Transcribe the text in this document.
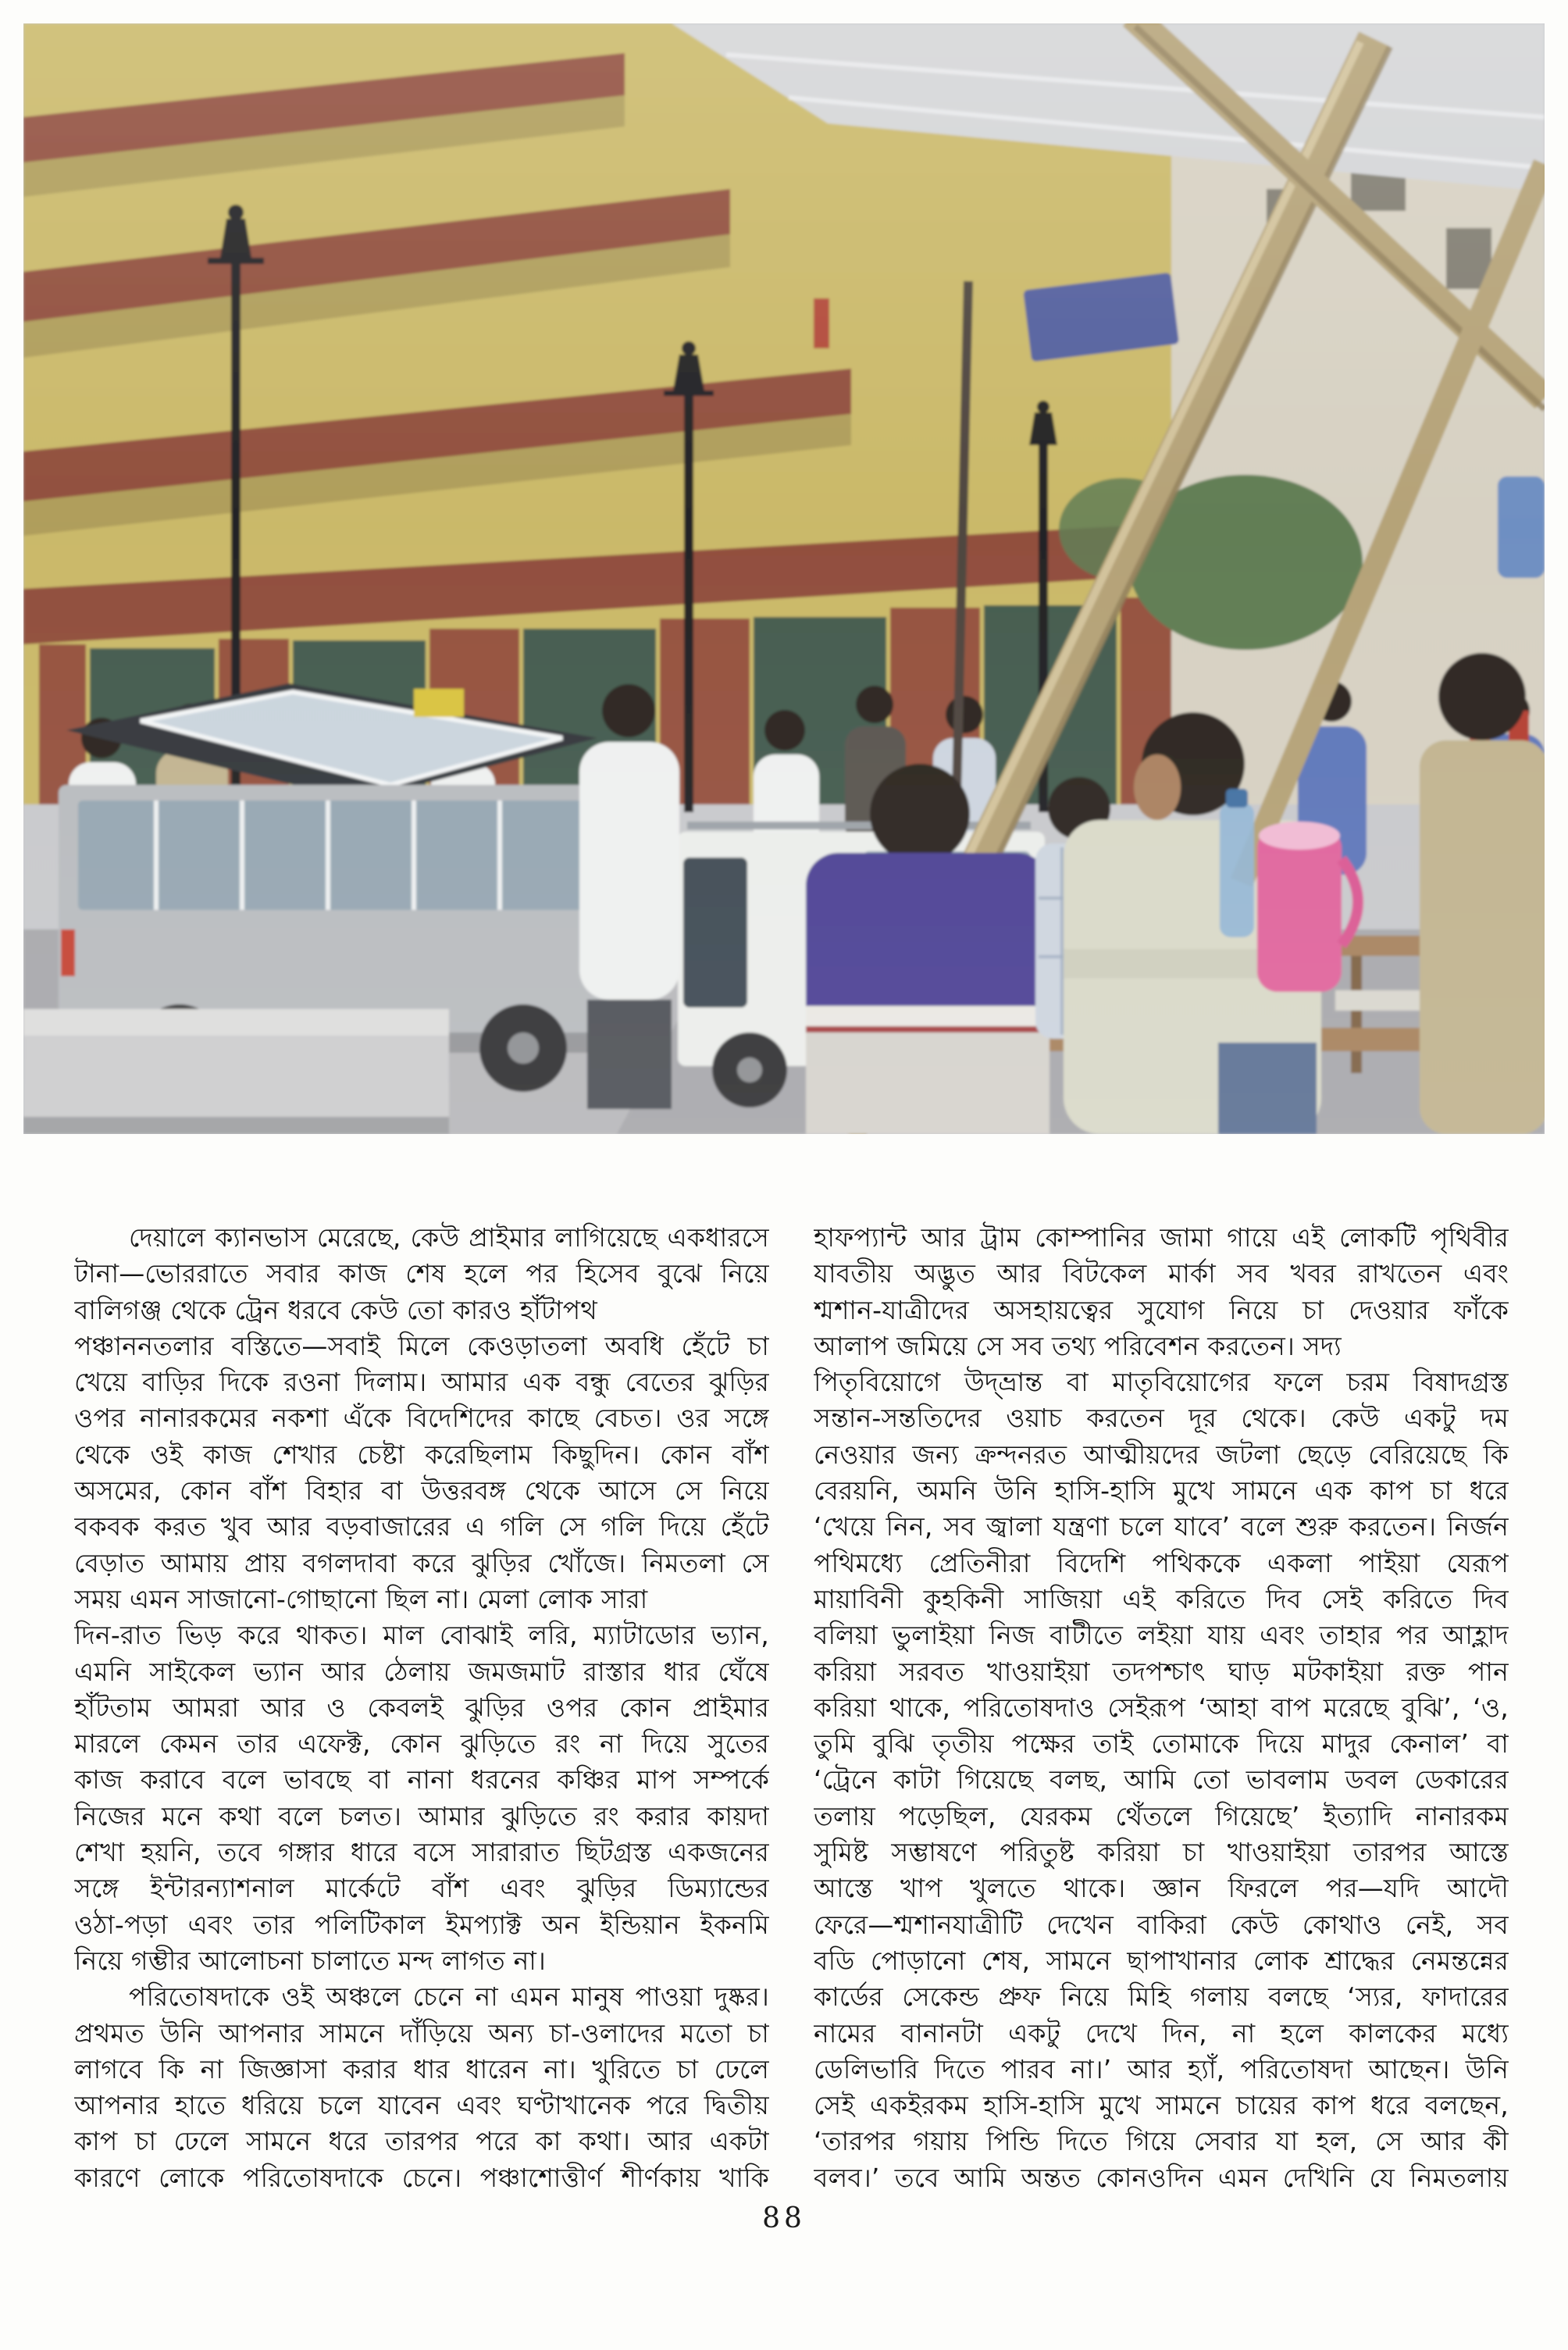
দেয়ালে ক্যানভাস মেরেছে, কেউ প্রাইমার লাগিয়েছে একধারসে
টানা—ভোররাতে সবার কাজ শেষ হলে পর হিসেব বুঝে নিয়ে
বালিগঞ্জ থেকে ট্রেন ধরবে কেউ তো কারও হাঁটাপথ
পঞ্চাননতলার বস্তিতে—সবাই মিলে কেওড়াতলা অবধি হেঁটে চা
খেয়ে বাড়ির দিকে রওনা দিলাম। আমার এক বন্ধু বেতের ঝুড়ির
ওপর নানারকমের নকশা এঁকে বিদেশিদের কাছে বেচত। ওর সঙ্গে
থেকে ওই কাজ শেখার চেষ্টা করেছিলাম কিছুদিন। কোন বাঁশ
অসমের, কোন বাঁশ বিহার বা উত্তরবঙ্গ থেকে আসে সে নিয়ে
বকবক করত খুব আর বড়বাজারের এ গলি সে গলি দিয়ে হেঁটে
বেড়াত আমায় প্রায় বগলদাবা করে ঝুড়ির খোঁজে। নিমতলা সে
সময় এমন সাজানো-গোছানো ছিল না। মেলা লোক সারা
দিন-রাত ভিড় করে থাকত। মাল বোঝাই লরি, ম্যাটাডোর ভ্যান,
এমনি সাইকেল ভ্যান আর ঠেলায় জমজমাট রাস্তার ধার ঘেঁষে
হাঁটতাম আমরা আর ও কেবলই ঝুড়ির ওপর কোন প্রাইমার
মারলে কেমন তার এফেক্ট, কোন ঝুড়িতে রং না দিয়ে সুতের
কাজ করাবে বলে ভাবছে বা নানা ধরনের কঞ্চির মাপ সম্পর্কে
নিজের মনে কথা বলে চলত। আমার ঝুড়িতে রং করার কায়দা
শেখা হয়নি, তবে গঙ্গার ধারে বসে সারারাত ছিটগ্রস্ত একজনের
সঙ্গে ইন্টারন্যাশনাল মার্কেটে বাঁশ এবং ঝুড়ির ডিম্যান্ডের
ওঠা-পড়া এবং তার পলিটিকাল ইমপ্যাক্ট অন ইন্ডিয়ান ইকনমি
নিয়ে গম্ভীর আলোচনা চালাতে মন্দ লাগত না।
পরিতোষদাকে ওই অঞ্চলে চেনে না এমন মানুষ পাওয়া দুষ্কর।
প্রথমত উনি আপনার সামনে দাঁড়িয়ে অন্য চা-ওলাদের মতো চা
লাগবে কি না জিজ্ঞাসা করার ধার ধারেন না। খুরিতে চা ঢেলে
আপনার হাতে ধরিয়ে চলে যাবেন এবং ঘণ্টাখানেক পরে দ্বিতীয়
কাপ চা ঢেলে সামনে ধরে তারপর পরে কা কথা। আর একটা
কারণে লোকে পরিতোষদাকে চেনে। পঞ্চাশোত্তীর্ণ শীর্ণকায় খাকি
হাফপ্যান্ট আর ট্রাম কোম্পানির জামা গায়ে এই লোকটি পৃথিবীর
যাবতীয় অদ্ভুত আর বিটকেল মার্কা সব খবর রাখতেন এবং
শ্মশান-যাত্রীদের অসহায়ত্বের সুযোগ নিয়ে চা দেওয়ার ফাঁকে
আলাপ জমিয়ে সে সব তথ্য পরিবেশন করতেন। সদ্য
পিতৃবিয়োগে উদ্‌ভ্রান্ত বা মাতৃবিয়োগের ফলে চরম বিষাদগ্রস্ত
সন্তান-সন্ততিদের ওয়াচ করতেন দূর থেকে। কেউ একটু দম
নেওয়ার জন্য ক্রন্দনরত আত্মীয়দের জটলা ছেড়ে বেরিয়েছে কি
বেরয়নি, অমনি উনি হাসি-হাসি মুখে সামনে এক কাপ চা ধরে
‘খেয়ে নিন, সব জ্বালা যন্ত্রণা চলে যাবে’ বলে শুরু করতেন। নির্জন
পথিমধ্যে প্রেতিনীরা বিদেশি পথিককে একলা পাইয়া যেরূপ
মায়াবিনী কুহকিনী সাজিয়া এই করিতে দিব সেই করিতে দিব
বলিয়া ভুলাইয়া নিজ বাটীতে লইয়া যায় এবং তাহার পর আহ্লাদ
করিয়া সরবত খাওয়াইয়া তদপশ্চাৎ ঘাড় মটকাইয়া রক্ত পান
করিয়া থাকে, পরিতোষদাও সেইরূপ ‘আহা বাপ মরেছে বুঝি’, ‘ও,
তুমি বুঝি তৃতীয় পক্ষের তাই তোমাকে দিয়ে মাদুর কেনাল’ বা
‘ট্রেনে কাটা গিয়েছে বলছ, আমি তো ভাবলাম ডবল ডেকারের
তলায় পড়েছিল, যেরকম থেঁতলে গিয়েছে’ ইত্যাদি নানারকম
সুমিষ্ট সম্ভাষণে পরিতুষ্ট করিয়া চা খাওয়াইয়া তারপর আস্তে
আস্তে খাপ খুলতে থাকে। জ্ঞান ফিরলে পর—যদি আদৌ
ফেরে—শ্মশানযাত্রীটি দেখেন বাকিরা কেউ কোথাও নেই, সব
বডি পোড়ানো শেষ, সামনে ছাপাখানার লোক শ্রাদ্ধের নেমন্তন্নের
কার্ডের সেকেন্ড প্রুফ নিয়ে মিহি গলায় বলছে ‘স্যর, ফাদারের
নামের বানানটা একটু দেখে দিন, না হলে কালকের মধ্যে
ডেলিভারি দিতে পারব না।’ আর হ্যাঁ, পরিতোষদা আছেন। উনি
সেই একইরকম হাসি-হাসি মুখে সামনে চায়ের কাপ ধরে বলছেন,
‘তারপর গয়ায় পিন্ডি দিতে গিয়ে সেবার যা হল, সে আর কী
বলব।’ তবে আমি অন্তত কোনওদিন এমন দেখিনি যে নিমতলায়
88
